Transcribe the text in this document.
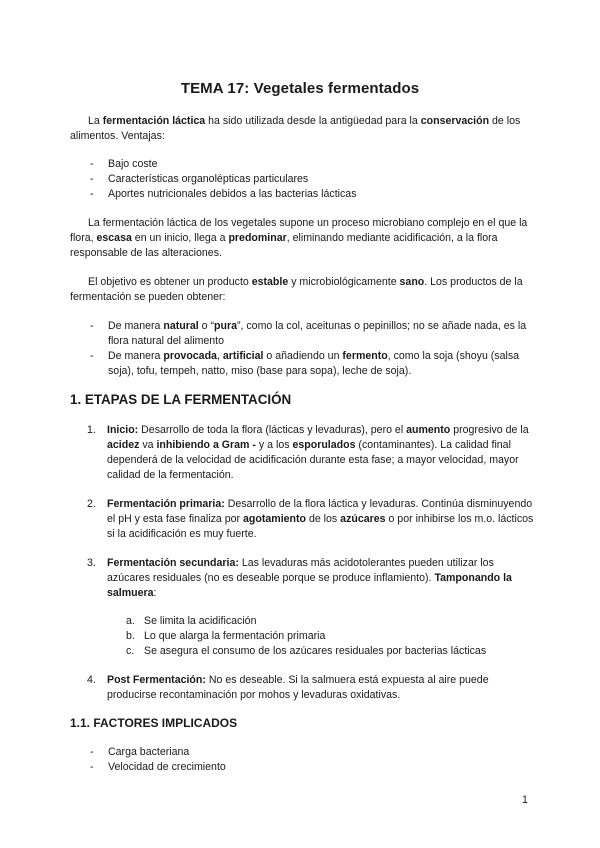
TEMA 17: Vegetales fermentados
La fermentación láctica ha sido utilizada desde la antigüedad para la conservación de los alimentos. Ventajas:
- Bajo coste
- Características organolépticas particulares
- Aportes nutricionales debidos a las bacterias lácticas
La fermentación láctica de los vegetales supone un proceso microbiano complejo en el que la flora, escasa en un inicio, llega a predominar, eliminando mediante acidificación, a la flora responsable de las alteraciones.
El objetivo es obtener un producto estable y microbiológicamente sano. Los productos de la fermentación se pueden obtener:
- De manera natural o “pura”, como la col, aceitunas o pepinillos; no se añade nada, es la flora natural del alimento
- De manera provocada, artificial o añadiendo un fermento, como la soja (shoyu (salsa soja), tofu, tempeh, natto, miso (base para sopa), leche de soja).
1. ETAPAS DE LA FERMENTACIÓN
1. Inicio: Desarrollo de toda la flora (lácticas y levaduras), pero el aumento progresivo de la acidez va inhibiendo a Gram - y a los esporulados (contaminantes). La calidad final dependerá de la velocidad de acidificación durante esta fase; a mayor velocidad, mayor calidad de la fermentación.
2. Fermentación primaria: Desarrollo de la flora láctica y levaduras. Continúa disminuyendo el pH y esta fase finaliza por agotamiento de los azúcares o por inhibirse los m.o. lácticos si la acidificación es muy fuerte.
3. Fermentación secundaria: Las levaduras más acidotolerantes pueden utilizar los azúcares residuales (no es deseable porque se produce inflamiento). Tamponando la salmuera:
a. Se limita la acidificación
b. Lo que alarga la fermentación primaria
c. Se asegura el consumo de los azúcares residuales por bacterias lácticas
4. Post Fermentación: No es deseable. Si la salmuera está expuesta al aire puede producirse recontaminación por mohos y levaduras oxidativas.
1.1. FACTORES IMPLICADOS
- Carga bacteriana
- Velocidad de crecimiento
1
